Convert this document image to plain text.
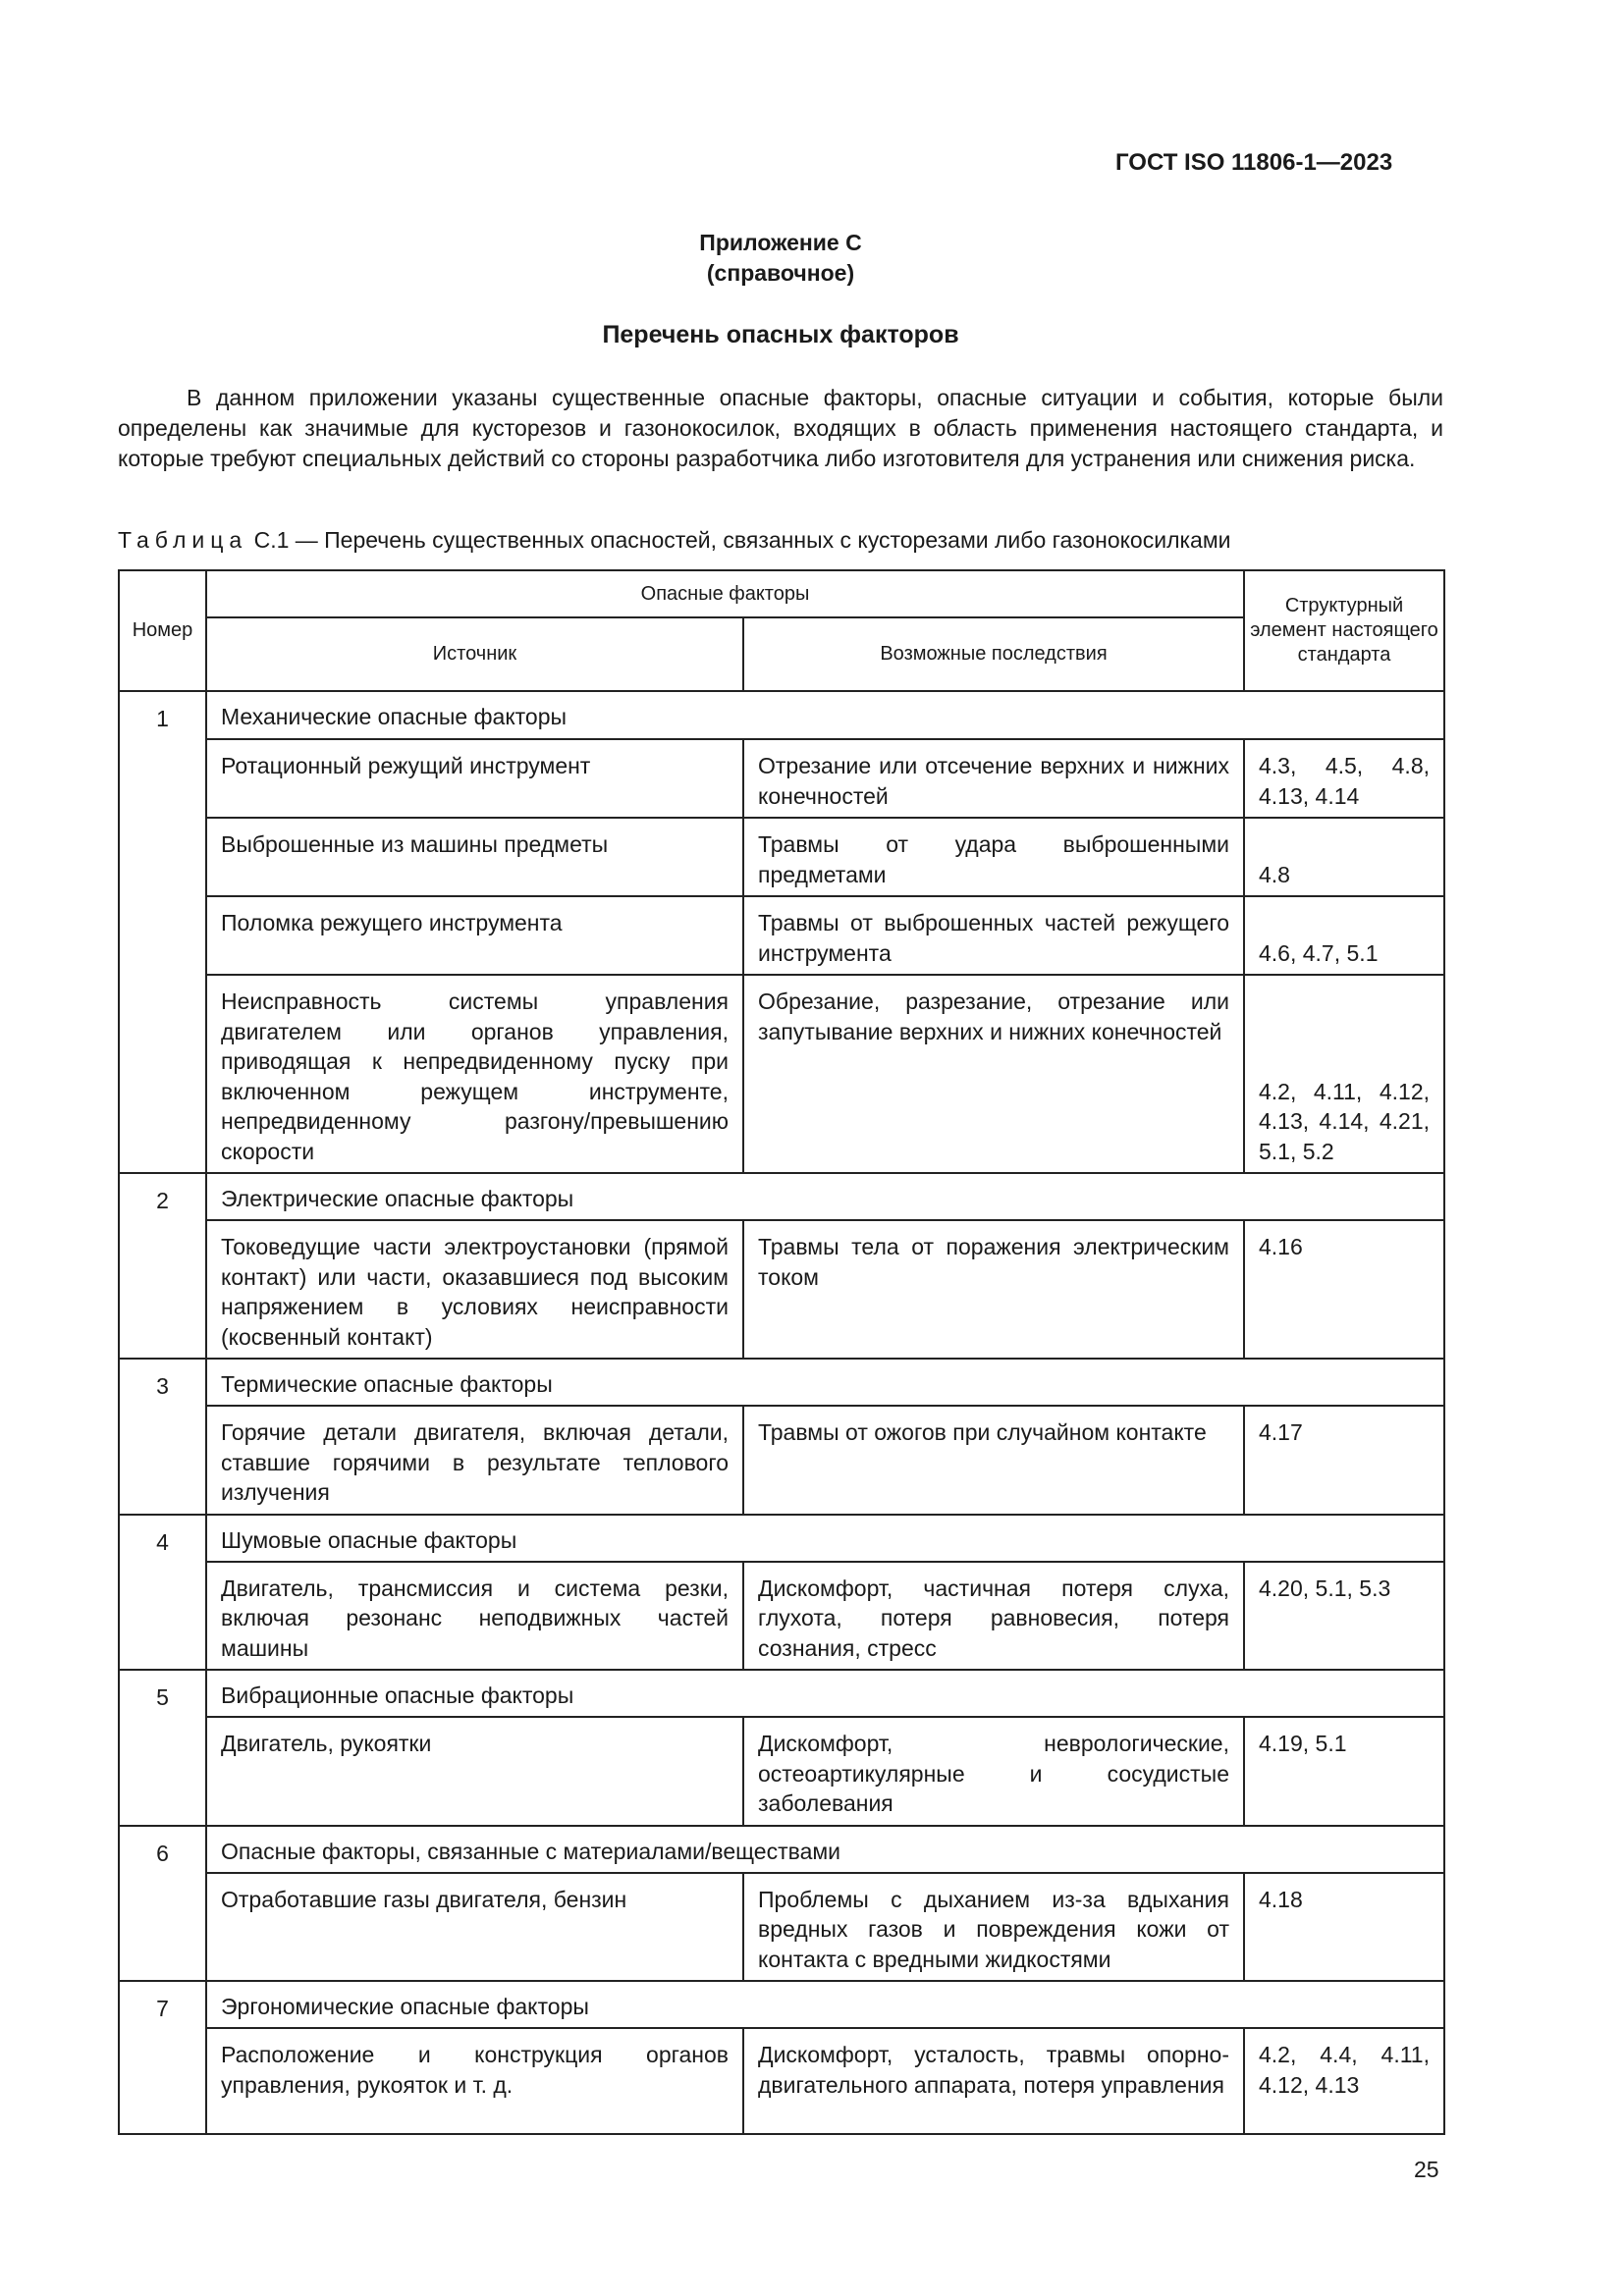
ГОСТ ISO 11806-1—2023
Приложение С
(справочное)
Перечень опасных факторов

В данном приложении указаны существенные опасные факторы, опасные ситуации и события, которые были определены как значимые для кусторезов и газонокосилок, входящих в область применения настоящего стандарта, и которые требуют специальных действий со стороны разработчика либо изготовителя для устранения или снижения риска.

Таблица С.1 — Перечень существенных опасностей, связанных с кусторезами либо газонокосилками
Номер	Опасные факторы		Структурный элемент настоящего стандарта
	Источник	Возможные последствия	
1	Механические опасные факторы		
	Ротационный режущий инструмент	Отрезание или отсечение верхних и нижних конечностей	4.3, 4.5, 4.8, 4.13, 4.14
	Выброшенные из машины предметы	Травмы от удара выброшенными предметами	4.8
	Поломка режущего инструмента	Травмы от выброшенных частей режущего инструмента	4.6, 4.7, 5.1
	Неисправность системы управления двигателем или органов управления, приводящая к непредвиденному пуску при включенном режущем инструменте, непредвиденному разгону/превышению скорости	Обрезание, разрезание, отрезание или запутывание верхних и нижних конечностей	4.2, 4.11, 4.12, 4.13, 4.14, 4.21, 5.1, 5.2
2	Электрические опасные факторы		
	Токоведущие части электроустановки (прямой контакт) или части, оказавшиеся под высоким напряжением в условиях неисправности (косвенный контакт)	Травмы тела от поражения электрическим током	4.16
3	Термические опасные факторы		
	Горячие детали двигателя, включая детали, ставшие горячими в результате теплового излучения	Травмы от ожогов при случайном контакте	4.17
4	Шумовые опасные факторы		
	Двигатель, трансмиссия и система резки, включая резонанс неподвижных частей машины	Дискомфорт, частичная потеря слуха, глухота, потеря равновесия, потеря сознания, стресс	4.20, 5.1, 5.3
5	Вибрационные опасные факторы		
	Двигатель, рукоятки	Дискомфорт, неврологические, остеоартикулярные и сосудистые заболевания	4.19, 5.1
6	Опасные факторы, связанные с материалами/веществами		
	Отработавшие газы двигателя, бензин	Проблемы с дыханием из-за вдыхания вредных газов и повреждения кожи от контакта с вредными жидкостями	4.18
7	Эргономические опасные факторы		
	Расположение и конструкция органов управления, рукояток и т. д.	Дискомфорт, усталость, травмы опорно-двигательного аппарата, потеря управления	4.2, 4.4, 4.11, 4.12, 4.13
25
